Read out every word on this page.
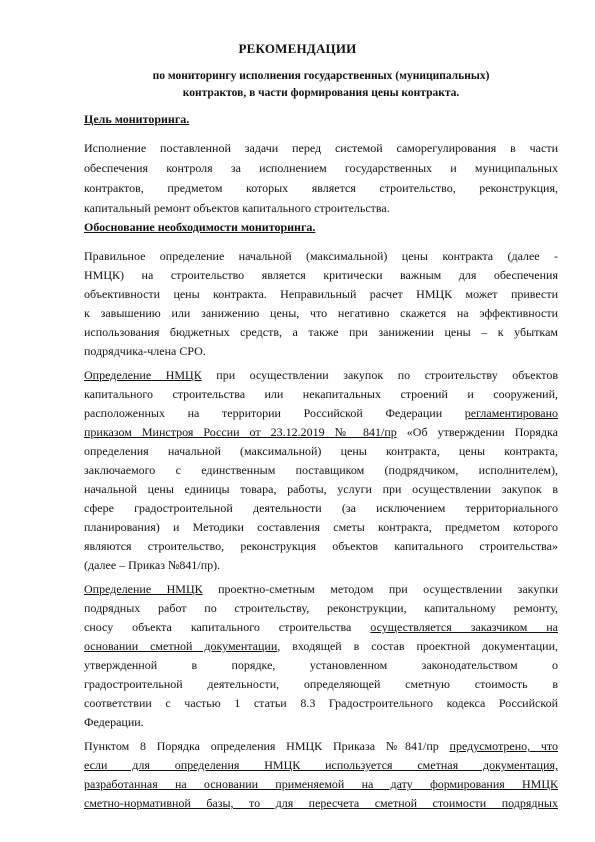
РЕКОМЕНДАЦИИ
по мониторингу исполнения государственных (муниципальных)
контрактов, в части формирования цены контракта.
Цель мониторинга.
Исполнение поставленной задачи перед системой саморегулирования в части
обеспечения контроля за исполнением государственных и муниципальных
контрактов, предметом которых является строительство, реконструкция,
капитальный ремонт объектов капитального строительства.
Обоснование необходимости мониторинга.
Правильное определение начальной (максимальной) цены контракта (далее -
НМЦК) на строительство является критически важным для обеспечения
объективности цены контракта. Неправильный расчет НМЦК может привести
к завышению или занижению цены, что негативно скажется на эффективности
использования бюджетных средств, а также при занижении цены – к убыткам
подрядчика-члена СРО.
Определение НМЦК при осуществлении закупок по строительству объектов
капитального строительства или некапитальных строений и сооружений,
расположенных на территории Российской Федерации регламентировано
приказом Минстроя России от 23.12.2019 № 841/пр «Об утверждении Порядка
определения начальной (максимальной) цены контракта, цены контракта,
заключаемого с единственным поставщиком (подрядчиком, исполнителем),
начальной цены единицы товара, работы, услуги при осуществлении закупок в
сфере градостроительной деятельности (за исключением территориального
планирования) и Методики составления сметы контракта, предметом которого
являются строительство, реконструкция объектов капитального строительства»
(далее – Приказ №841/пр).
Определение НМЦК проектно-сметным методом при осуществлении закупки
подрядных работ по строительству, реконструкции, капитальному ремонту,
сносу объекта капитального строительства осуществляется заказчиком на
основании сметной документации, входящей в состав проектной документации,
утвержденной в порядке, установленном законодательством о
градостроительной деятельности, определяющей сметную стоимость в
соответствии с частью 1 статьи 8.3 Градостроительного кодекса Российской
Федерации.
Пунктом 8 Порядка определения НМЦК Приказа №841/пр предусмотрено, что
если для определения НМЦК используется сметная документация,
разработанная на основании применяемой на дату формирования НМЦК
сметно-нормативной базы, то для пересчета сметной стоимости подрядных
